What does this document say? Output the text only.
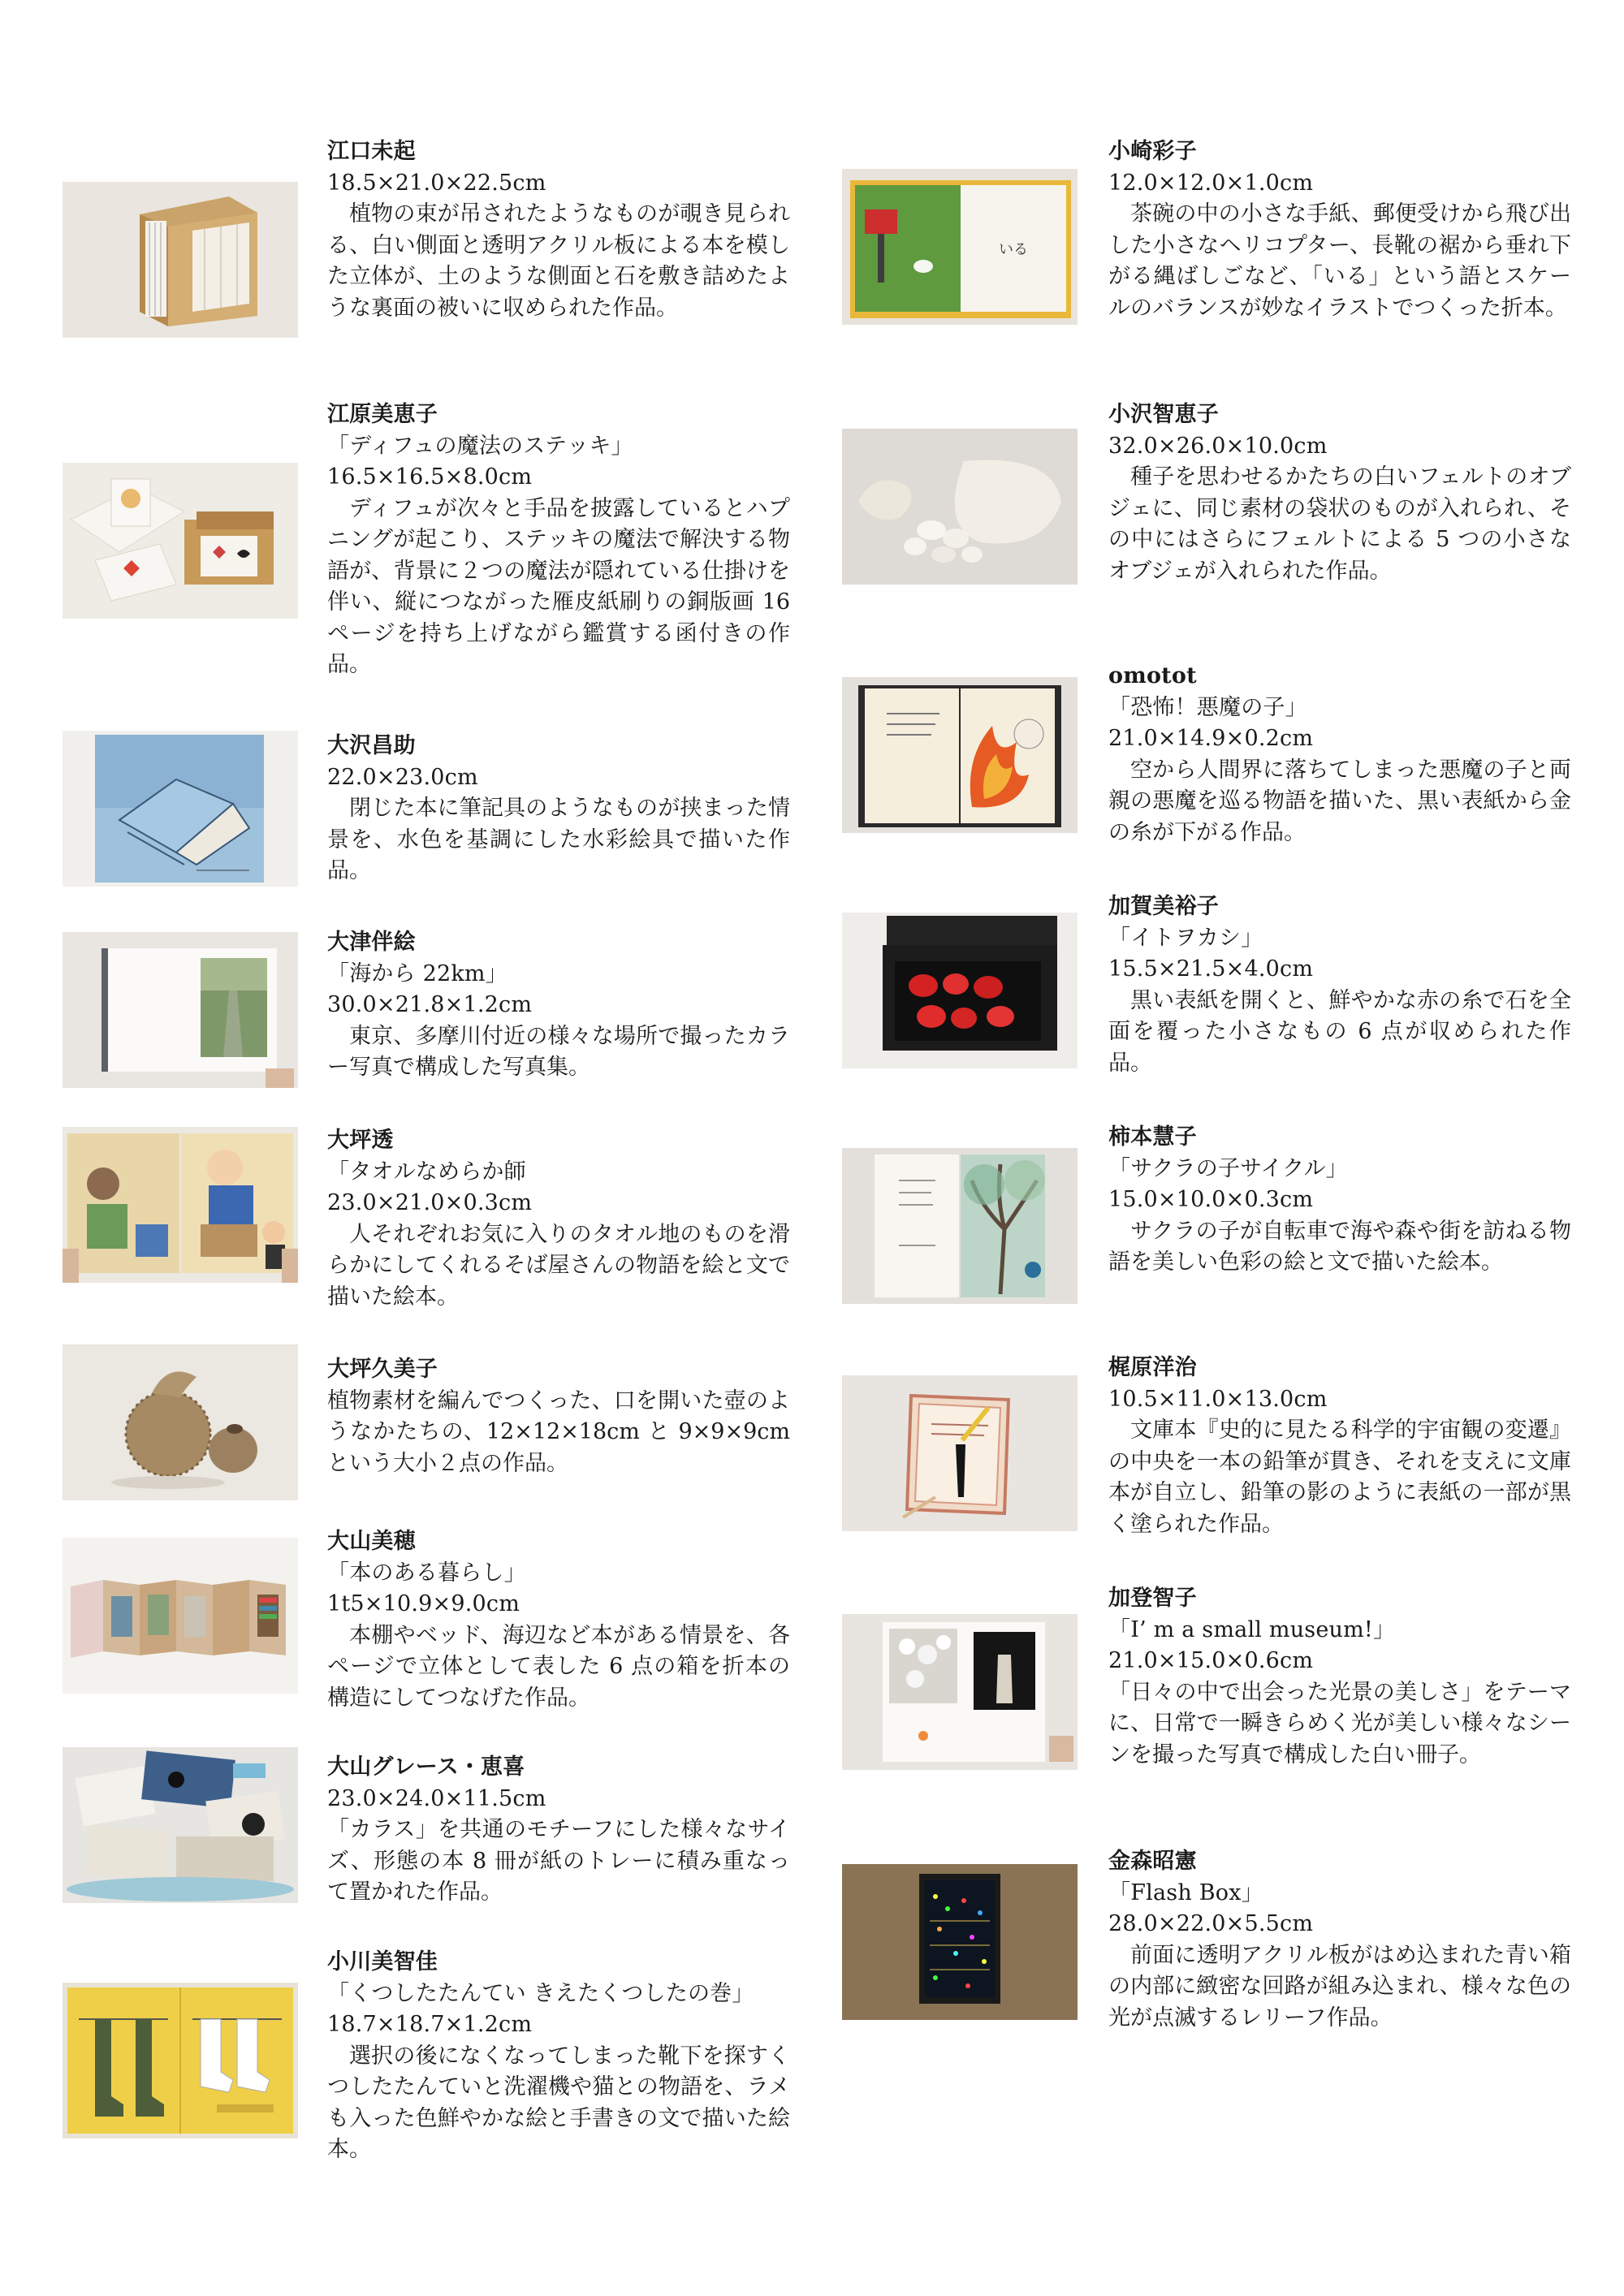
江口未起
18.5×21.0×22.5cm

植物の束が吊されたようなものが覗き見られる、白い側面と透明アクリル板による本を模した立体が、土のような側面と石を敷き詰めたような裏面の被いに収められた作品。

江原美恵子
「ディフュの魔法のステッキ」
16.5×16.5×8.0cm

ディフュが次々と手品を披露しているとハプニングが起こり、ステッキの魔法で解決する物語が、背景に２つの魔法が隠れている仕掛けを伴い、縦につながった雁皮紙刷りの銅版画 16 ページを持ち上げながら鑑賞する函付きの作品。

大沢昌助
22.0×23.0cm

閉じた本に筆記具のようなものが挟まった情景を、水色を基調にした水彩絵具で描いた作品。

大津伴絵
「海から 22km」
30.0×21.8×1.2cm

東京、多摩川付近の様々な場所で撮ったカラー写真で構成した写真集。

大坪透
「タオルなめらか師
23.0×21.0×0.3cm

人それぞれお気に入りのタオル地のものを滑らかにしてくれるそば屋さんの物語を絵と文で描いた絵本。

大坪久美子

植物素材を編んでつくった、口を開いた壺のようなかたちの、12×12×18cm と 9×9×9cm という大小２点の作品。

大山美穂
「本のある暮らし」
1t5×10.9×9.0cm

本棚やベッド、海辺など本がある情景を、各ページで立体として表した 6 点の箱を折本の構造にしてつなげた作品。

大山グレース・恵喜
23.0×24.0×11.5cm

「カラス」を共通のモチーフにした様々なサイズ、形態の本 8 冊が紙のトレーに積み重なって置かれた作品。

小川美智佳
「くつしたたんてい きえたくつしたの巻」
18.7×18.7×1.2cm

選択の後になくなってしまった靴下を探すくつしたたんていと洗濯機や猫との物語を、ラメも入った色鮮やかな絵と手書きの文で描いた絵本。

いる
小崎彩子
12.0×12.0×1.0cm

茶碗の中の小さな手紙、郵便受けから飛び出した小さなヘリコプター、長靴の裾から垂れ下がる縄ばしごなど、「いる」という語とスケールのバランスが妙なイラストでつくった折本。

小沢智恵子
32.0×26.0×10.0cm

種子を思わせるかたちの白いフェルトのオブジェに、同じ素材の袋状のものが入れられ、その中にはさらにフェルトによる 5 つの小さなオブジェが入れられた作品。

omotot
「恐怖！悪魔の子」
21.0×14.9×0.2cm

空から人間界に落ちてしまった悪魔の子と両親の悪魔を巡る物語を描いた、黒い表紙から金の糸が下がる作品。

加賀美裕子
「イトヲカシ」
15.5×21.5×4.0cm

黒い表紙を開くと、鮮やかな赤の糸で石を全面を覆った小さなもの 6 点が収められた作品。

柿本慧子
「サクラの子サイクル」
15.0×10.0×0.3cm

サクラの子が自転車で海や森や街を訪ねる物語を美しい色彩の絵と文で描いた絵本。

梶原洋治
10.5×11.0×13.0cm

文庫本『史的に見たる科学的宇宙観の変遷』の中央を一本の鉛筆が貫き、それを支えに文庫本が自立し、鉛筆の影のように表紙の一部が黒く塗られた作品。

加登智子
「I’ m a small museum!」
21.0×15.0×0.6cm

「日々の中で出会った光景の美しさ」をテーマに、日常で一瞬きらめく光が美しい様々なシーンを撮った写真で構成した白い冊子。

金森昭憲
「Flash Box」
28.0×22.0×5.5cm

前面に透明アクリル板がはめ込まれた青い箱の内部に緻密な回路が組み込まれ、様々な色の光が点滅するレリーフ作品。
